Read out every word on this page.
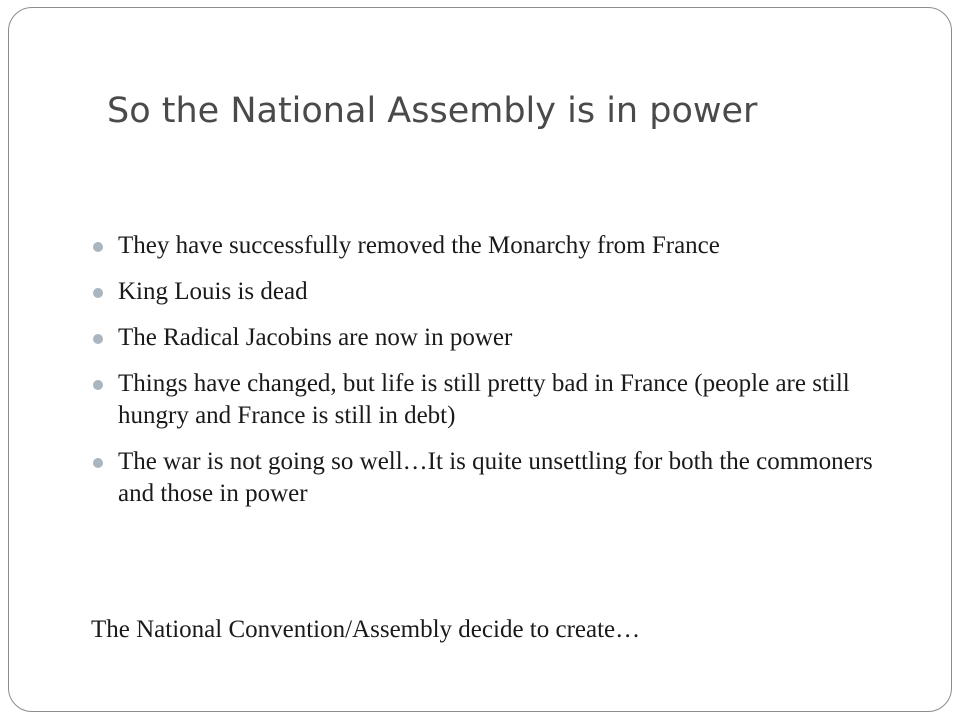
So the National Assembly is in power
They have successfully removed the Monarchy from France
King Louis is dead
The Radical Jacobins are now in power
Things have changed, but life is still pretty bad in France (people are still hungry and France is still in debt)
The war is not going so well…It is quite unsettling for both the commoners and those in power

The National Convention/Assembly decide to create…
